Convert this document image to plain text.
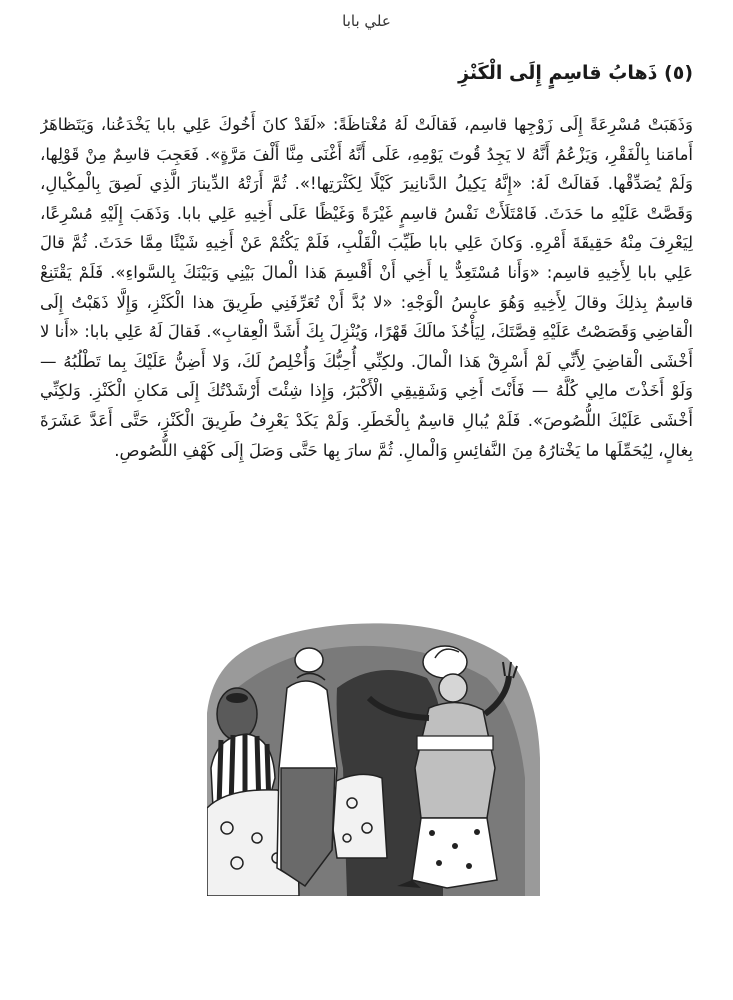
علي بابا
(٥) ذَهابُ قاسِمٍ إِلَى الْكَنْزِ

وَذَهَبَتْ مُسْرِعَةً إِلَى زَوْجِها قاسِم، فَقالَتْ لَهُ مُغْتاظَةً: «لَقَدْ كانَ أَخُوكَ عَلِي بابا يَخْدَعُنا، وَيَتَظاهَرُ أَمامَنا بِالْفَقْرِ، وَيَزْعُمُ أَنَّهُ لا يَجِدُ قُوتَ يَوْمِهِ، عَلَى أَنَّهُ أَغْنَى مِنَّا أَلْفَ مَرَّةٍ». فَعَجِبَ قاسِمٌ مِنْ قَوْلِها، وَلَمْ يُصَدِّقْها. فَقالَتْ لَهُ: «إِنَّهُ يَكِيلُ الدَّنانِيرَ كَيْلًا لِكَثْرَتِها!». ثُمَّ أَرَتْهُ الدِّينارَ الَّذِي لَصِقَ بِالْمِكْيالِ، وَقَصَّتْ عَلَيْهِ ما حَدَثَ. فَامْتَلَأَتْ نَفْسُ قاسِمٍ غَيْرَةً وَغَيْظًا عَلَى أَخِيهِ عَلِي بابا. وَذَهَبَ إِلَيْهِ مُسْرِعًا، لِيَعْرِفَ مِنْهُ حَقِيقَةَ أَمْرِهِ. وَكانَ عَلِي بابا طَيِّبَ الْقَلْبِ، فَلَمْ يَكْتُمْ عَنْ أَخِيهِ شَيْئًا مِمَّا حَدَثَ. ثُمَّ قالَ عَلِي بابا لِأَخِيهِ قاسِم: «وَأَنا مُسْتَعِدٌّ يا أَخِي أَنْ أَقْسِمَ هَذا الْمالَ بَيْنِي وَبَيْنَكَ بِالسَّواءِ». فَلَمْ يَقْتَنِعْ قاسِمٌ بِذلِكَ وقالَ لِأَخِيهِ وَهُوَ عابِسُ الْوَجْهِ: «لا بُدَّ أَنْ تُعَرِّفَنِي طَرِيقَ هذا الْكَنْزِ، وَإِلَّا ذَهَبْتُ إِلَى الْقاضِي وَقَصَصْتُ عَلَيْهِ قِصَّتَكَ، لِيَأْخُذَ مالَكَ قَهْرًا، وَيُنْزِلَ بِكَ أَشَدَّ الْعِقابِ». فَقالَ لَهُ عَلِي بابا: «أَنا لا أَخْشَى الْقاضِيَ لِأَنِّي لَمْ أَسْرِقْ هَذا الْمالَ. ولكِنِّي أُحِبُّكَ وَأُخْلِصُ لَكَ، وَلا أَضِنُّ عَلَيْكَ بِما تَطْلُبُهُ — وَلَوْ أَخَذْتَ مالِي كُلَّهُ — فَأَنْتَ أَخِي وَشَقِيقِي الْأَكْبَرُ، وَإِذا شِئْتَ أَرْشَدْتُكَ إِلَى مَكانِ الْكَنْزِ. وَلكِنِّي أَخْشَى عَلَيْكَ اللُّصُوصَ». فَلَمْ يُبالِ قاسِمٌ بِالْخَطَرِ. وَلَمْ يَكَدْ يَعْرِفُ طَرِيقَ الْكَنْزِ، حَتَّى أَعَدَّ عَشَرَةَ بِغالٍ، لِيُحَمِّلَها ما يَخْتارُهُ مِنَ النَّفائِسِ وَالْمالِ. ثُمَّ سارَ بِها حَتَّى وَصَلَ إِلَى كَهْفِ اللُّصُوصِ.
